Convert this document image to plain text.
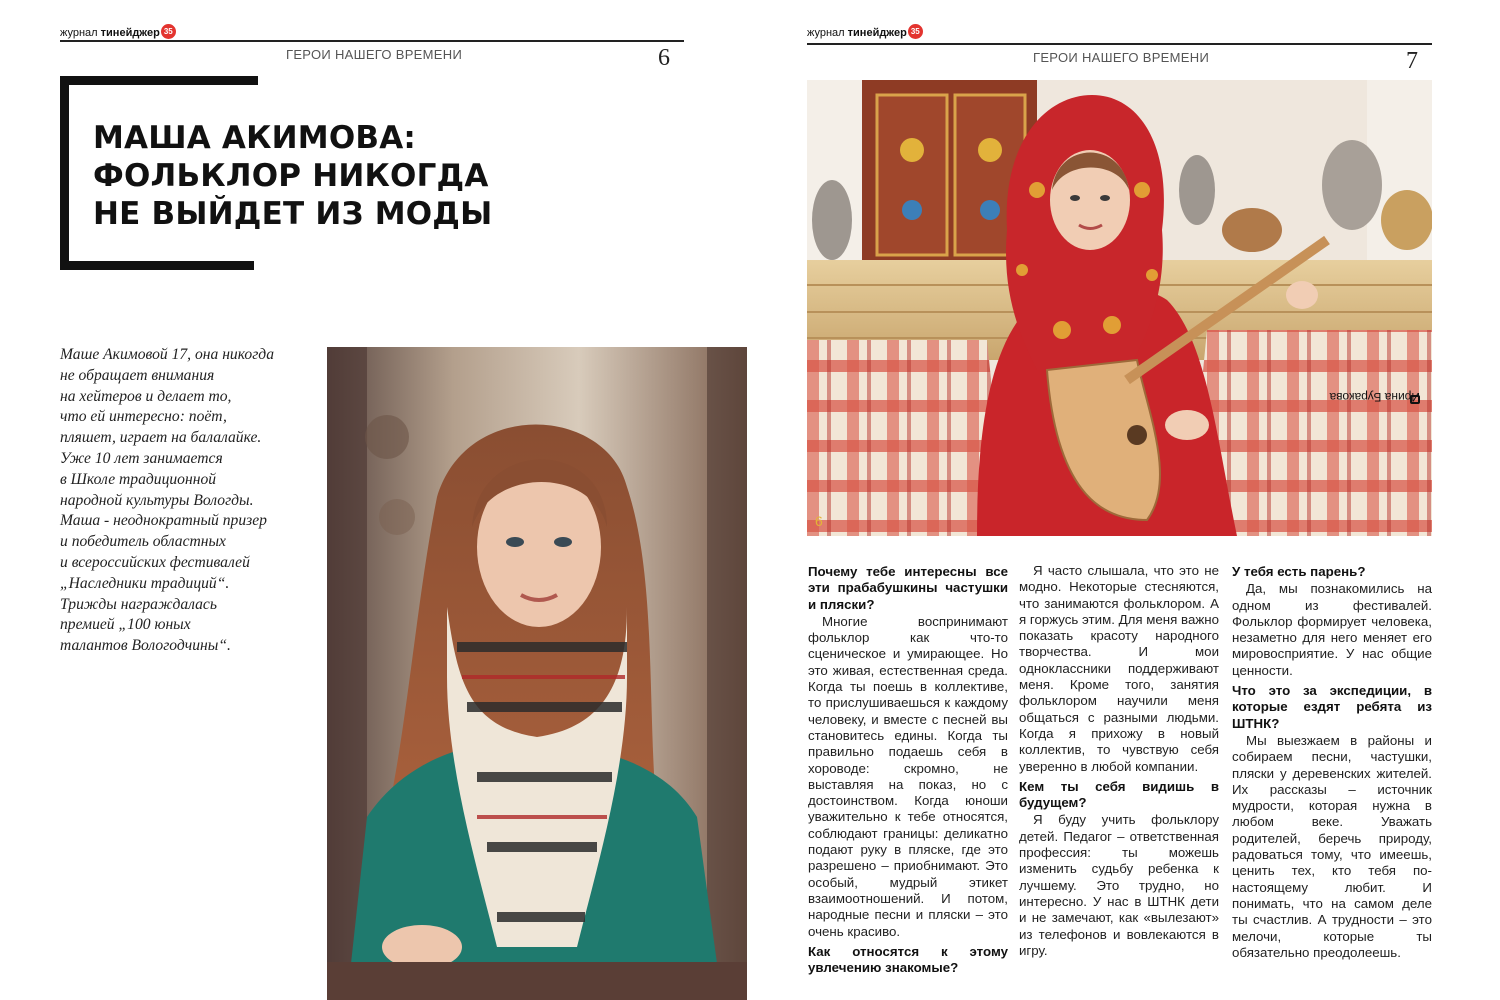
журнал тинейджер 35
ГЕРОИ НАШЕГО ВРЕМЕНИ	6
МАША АКИМОВА:
ФОЛЬКЛОР НИКОГДА
НЕ ВЫЙДЕТ ИЗ МОДЫ
Маше Акимовой 17, она никогда
не обращает внимания
на хейтеров и делает то,
что ей интересно: поёт,
пляшет, играет на балалайке.
Уже 10 лет занимается
в Школе традиционной
народной культуры Вологды.
Маша - неоднократный призер
и победитель областных
и всероссийских фестивалей
„Наследники традиций“.
Трижды награждалась
премией „100 юных
талантов Вологодчины“.
журнал тинейджер 35
ГЕРОИ НАШЕГО ВРЕМЕНИ	7
6
Ирина Буракова

Почему тебе интересны все эти прабабушкины частушки и пляски?

Многие воспринимают фольклор как что-то сценическое и умирающее. Но это живая, естественная среда. Когда ты поешь в коллективе, то прислушиваешься к каждому человеку, и вместе с песней вы становитесь едины. Когда ты правильно подаешь себя в хороводе: скромно, не выставляя на показ, но с достоинством. Когда юноши уважительно к тебе относятся, соблюдают границы: деликатно подают руку в пляске, где это разрешено – приобнимают. Это особый, мудрый этикет взаимоотношений. И потом, народные песни и пляски – это очень красиво.

Как относятся к этому увлечению знакомые?

Я часто слышала, что это не модно. Некоторые стесняются, что занимаются фольклором. А я горжусь этим. Для меня важно показать красоту народного творчества. И мои одноклассники поддерживают меня. Кроме того, занятия фольклором научили меня общаться с разными людьми. Когда я прихожу в новый коллектив, то чувствую себя уверенно в любой компании.

Кем ты себя видишь в будущем?

Я буду учить фольклору детей. Педагог – ответственная профессия: ты можешь изменить судьбу ребенка к лучшему. Это трудно, но интересно. У нас в ШТНК дети и не замечают, как «вылезают» из телефонов и вовлекаются в игру.

У тебя есть парень?

Да, мы познакомились на одном из фестивалей. Фольклор формирует человека, незаметно для него меняет его мировосприятие. У нас общие ценности.

Что это за экспедиции, в которые ездят ребята из ШТНК?

Мы выезжаем в районы и собираем песни, частушки, пляски у деревенских жителей. Их рассказы – источник мудрости, которая нужна в любом веке. Уважать родителей, беречь природу, радоваться тому, что имеешь, ценить тех, кто тебя по-настоящему любит. И понимать, что на самом деле ты счастлив. А трудности – это мелочи, которые ты обязательно преодолеешь.
